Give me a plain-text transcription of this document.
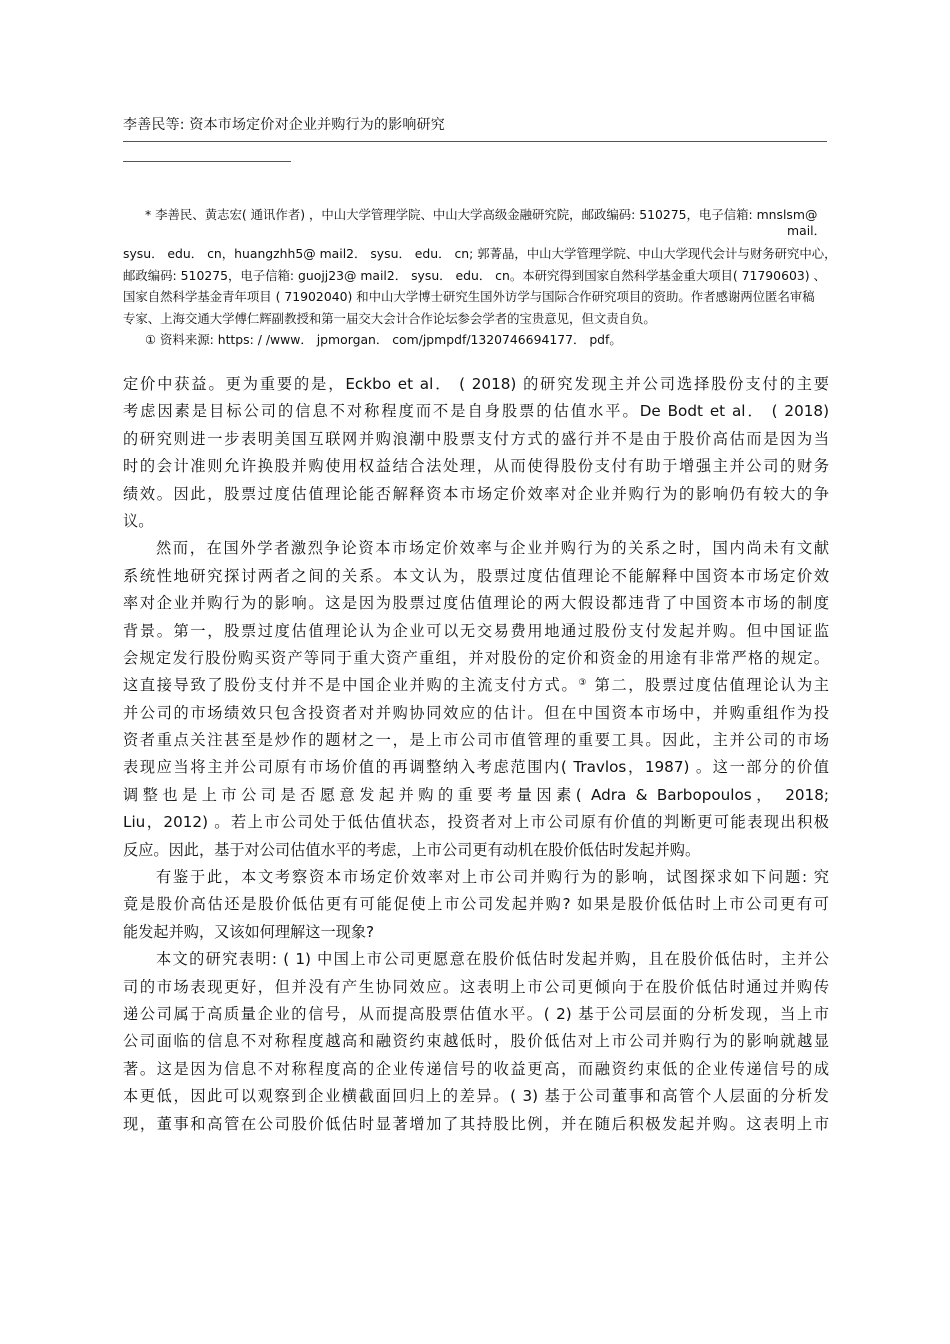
李善民等: 资本市场定价对企业并购行为的影响研究
* 李善民、黄志宏( 通讯作者) ，中山大学管理学院、中山大学高级金融研究院，邮政编码: 510275，电子信箱: mnslsm@
mail．
sysu． edu． cn，huangzhh5@ mail2． sysu． edu． cn; 郭菁晶，中山大学管理学院、中山大学现代会计与财务研究中心，
邮政编码: 510275，电子信箱: guojj23@ mail2． sysu． edu． cn。本研究得到国家自然科学基金重大项目( 71790603) 、
国家自然科学基金青年项目 ( 71902040) 和中山大学博士研究生国外访学与国际合作研究项目的资助。作者感谢两位匿名审稿
专家、上海交通大学傅仁辉副教授和第一届交大会计合作论坛参会学者的宝贵意见，但文责自负。
① 资料来源: https: / /www． jpmorgan． com/jpmpdf/1320746694177． pdf。
定价中获益。更为重要的是，Eckbo et al． ( 2018) 的研究发现主并公司选择股份支付的主要
考虑因素是目标公司的信息不对称程度而不是自身股票的估值水平。De Bodt et al． ( 2018)
的研究则进一步表明美国互联网并购浪潮中股票支付方式的盛行并不是由于股价高估而是因为当
时的会计准则允许换股并购使用权益结合法处理，从而使得股份支付有助于增强主并公司的财务
绩效。因此，股票过度估值理论能否解释资本市场定价效率对企业并购行为的影响仍有较大的争
议。
然而，在国外学者激烈争论资本市场定价效率与企业并购行为的关系之时，国内尚未有文献
系统性地研究探讨两者之间的关系。本文认为，股票过度估值理论不能解释中国资本市场定价效
率对企业并购行为的影响。这是因为股票过度估值理论的两大假设都违背了中国资本市场的制度
背景。第一，股票过度估值理论认为企业可以无交易费用地通过股份支付发起并购。但中国证监
会规定发行股份购买资产等同于重大资产重组，并对股份的定价和资金的用途有非常严格的规定。
这直接导致了股份支付并不是中国企业并购的主流支付方式。③ 第二，股票过度估值理论认为主
并公司的市场绩效只包含投资者对并购协同效应的估计。但在中国资本市场中，并购重组作为投
资者重点关注甚至是炒作的题材之一，是上市公司市值管理的重要工具。因此，主并公司的市场
表现应当将主并公司原有市场价值的再调整纳入考虑范围内( Travlos，1987) 。这一部分的价值
调整也是上市公司是否愿意发起并购的重要考量因素( Adra & Barbopoulos， 2018;
Liu，2012) 。若上市公司处于低估值状态，投资者对上市公司原有价值的判断更可能表现出积极
反应。因此，基于对公司估值水平的考虑，上市公司更有动机在股价低估时发起并购。
有鉴于此，本文考察资本市场定价效率对上市公司并购行为的影响，试图探求如下问题: 究
竟是股价高估还是股价低估更有可能促使上市公司发起并购? 如果是股价低估时上市公司更有可
能发起并购，又该如何理解这一现象?
本文的研究表明: ( 1) 中国上市公司更愿意在股价低估时发起并购，且在股价低估时，主并公
司的市场表现更好，但并没有产生协同效应。这表明上市公司更倾向于在股价低估时通过并购传
递公司属于高质量企业的信号，从而提高股票估值水平。( 2) 基于公司层面的分析发现，当上市
公司面临的信息不对称程度越高和融资约束越低时，股价低估对上市公司并购行为的影响就越显
著。这是因为信息不对称程度高的企业传递信号的收益更高，而融资约束低的企业传递信号的成
本更低，因此可以观察到企业横截面回归上的差异。( 3) 基于公司董事和高管个人层面的分析发
现，董事和高管在公司股价低估时显著增加了其持股比例，并在随后积极发起并购。这表明上市
